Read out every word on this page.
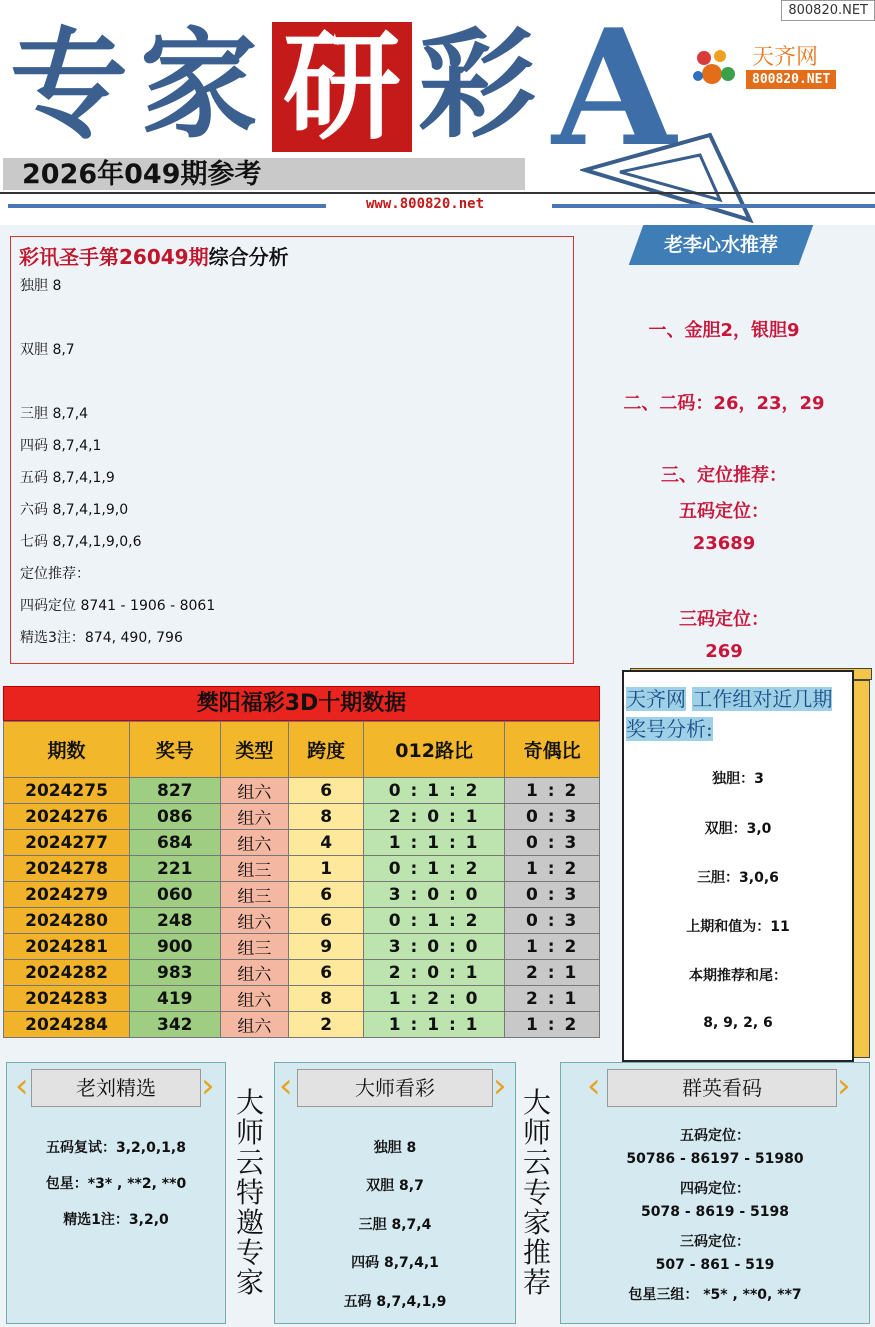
专 家 研 彩 A	800820.NET
天齐网
800820.NET
2026年049期参考
www.800820.net
彩讯圣手第26049期综合分析
独胆 8
双胆 8,7
三胆 8,7,4
四码 8,7,4,1
五码 8,7,4,1,9
六码 8,7,4,1,9,0
七码 8,7,4,1,9,0,6
定位推荐：
四码定位 8741 - 1906 - 8061
精选3注：874, 490, 796
老李心水推荐
一、金胆2，银胆9
二、二码：26，23，29
三、定位推荐：
五码定位：
23689
三码定位：
269
樊阳福彩3D十期数据
期数	奖号	类型	跨度	012路比	奇偶比
2024275	827	组六	6	0 : 1 : 2	1 : 2
2024276	086	组六	8	2 : 0 : 1	0 : 3
2024277	684	组六	4	1 : 1 : 1	0 : 3
2024278	221	组三	1	0 : 1 : 2	1 : 2
2024279	060	组三	6	3 : 0 : 0	0 : 3
2024280	248	组六	6	0 : 1 : 2	0 : 3
2024281	900	组三	9	3 : 0 : 0	1 : 2
2024282	983	组六	6	2 : 0 : 1	2 : 1
2024283	419	组六	8	1 : 2 : 0	2 : 1
2024284	342	组六	2	1 : 1 : 1	1 : 2
天齐网 工作组对近几期奖号分析:
独胆：3
双胆：3,0
三胆：3,0,6
上期和值为：11
本期推荐和尾：
8, 9, 2, 6
‹	老刘精选	›
五码复试：3,2,0,1,8
包星：*3* , **2, **0
精选1注：3,2,0
大
师
云
特
邀
专
家
‹	大师看彩	›
独胆 8
双胆 8,7
三胆 8,7,4
四码 8,7,4,1
五码 8,7,4,1,9
大
师
云
专
家
推
荐
‹	群英看码	›
五码定位：
50786 - 86197 - 51980
四码定位：
5078 - 8619 - 5198
三码定位：
507 - 861 - 519
包星三组： *5* , **0, **7
